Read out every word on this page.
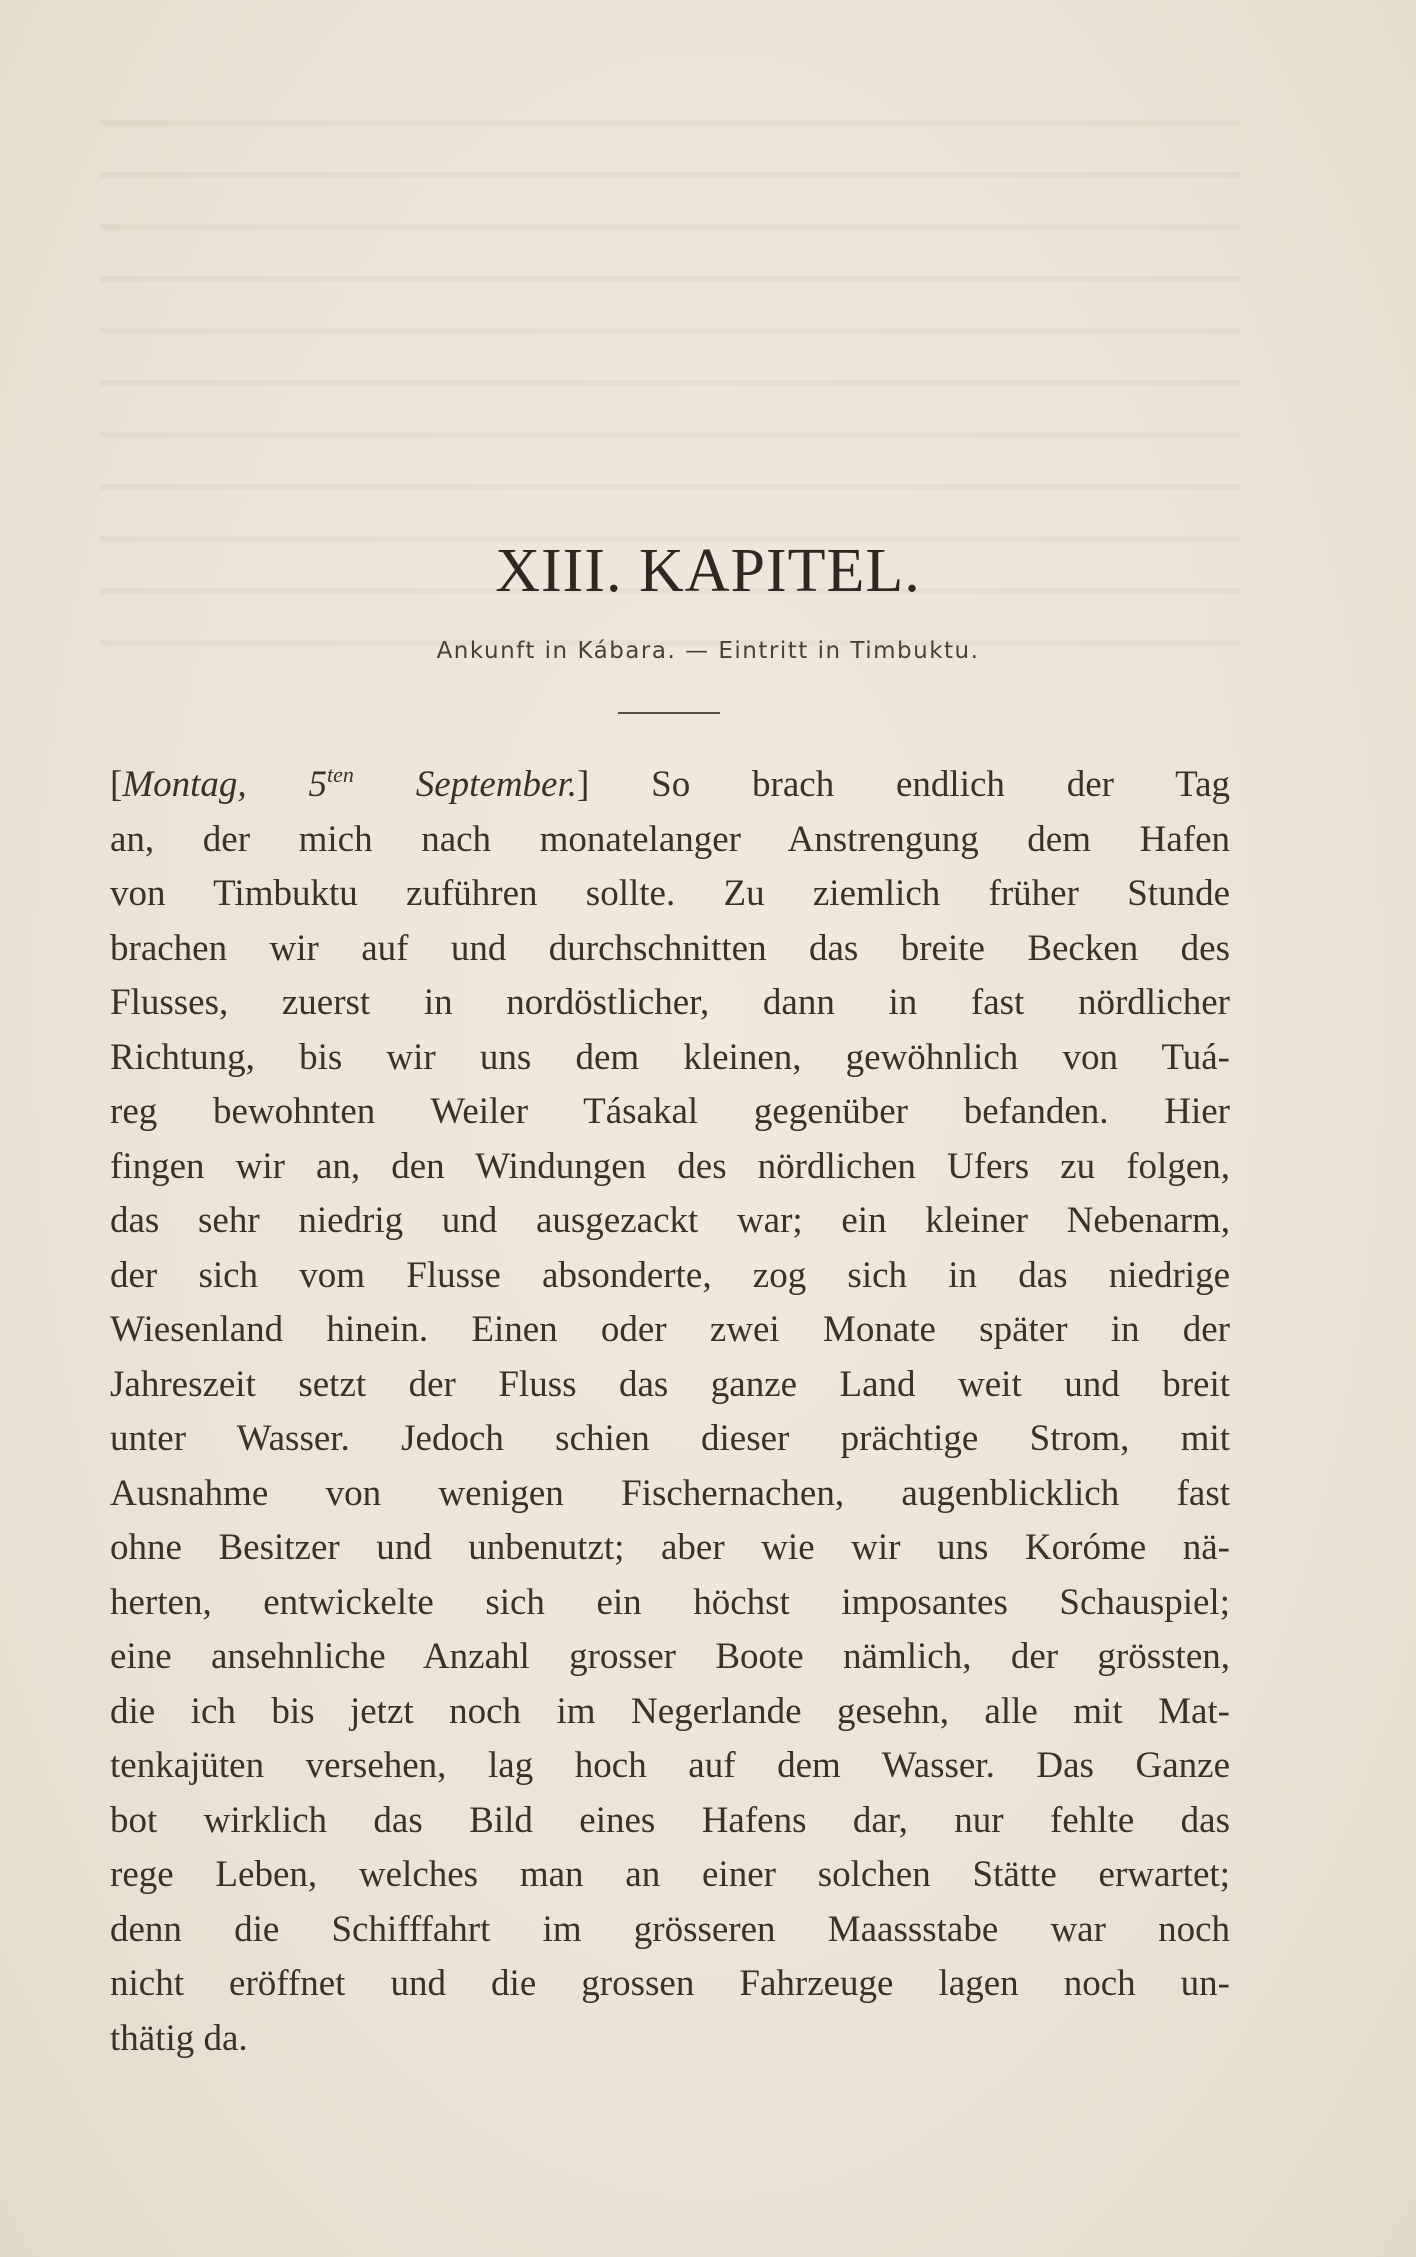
XIII. KAPITEL.
Ankunft in Kábara. — Eintritt in Timbuktu.
[Montag, $5^{ten}$ September.] So brach endlich der Tag
an, der mich nach monatelanger Anstrengung dem Hafen
von Timbuktu zuführen sollte. Zu ziemlich früher Stunde
brachen wir auf und durchschnitten das breite Becken des
Flusses, zuerst in nordöstlicher, dann in fast nördlicher
Richtung, bis wir uns dem kleinen, gewöhnlich von Tuá-
reg bewohnten Weiler Tásakal gegenüber befanden. Hier
fingen wir an, den Windungen des nördlichen Ufers zu folgen,
das sehr niedrig und ausgezackt war; ein kleiner Nebenarm,
der sich vom Flusse absonderte, zog sich in das niedrige
Wiesenland hinein. Einen oder zwei Monate später in der
Jahreszeit setzt der Fluss das ganze Land weit und breit
unter Wasser. Jedoch schien dieser prächtige Strom, mit
Ausnahme von wenigen Fischernachen, augenblicklich fast
ohne Besitzer und unbenutzt; aber wie wir uns Koróme nä-
herten, entwickelte sich ein höchst imposantes Schauspiel;
eine ansehnliche Anzahl grosser Boote nämlich, der grössten,
die ich bis jetzt noch im Negerlande gesehn, alle mit Mat-
tenkajüten versehen, lag hoch auf dem Wasser. Das Ganze
bot wirklich das Bild eines Hafens dar, nur fehlte das
rege Leben, welches man an einer solchen Stätte erwartet;
denn die Schifffahrt im grösseren Maassstabe war noch
nicht eröffnet und die grossen Fahrzeuge lagen noch un-
thätig da.
